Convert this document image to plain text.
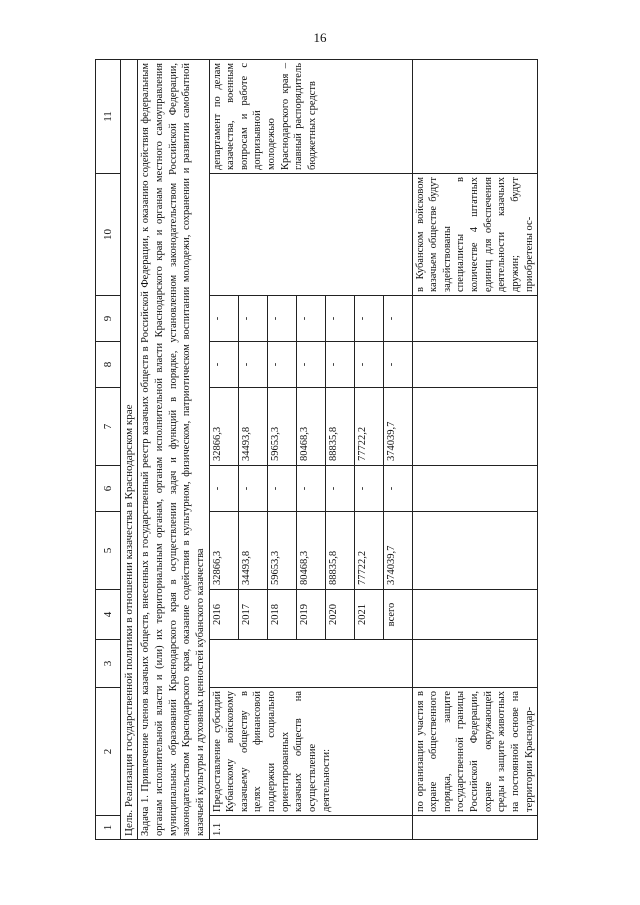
16
1	2	3	4	5	6	7	8	9	10	11
Цель. Реализация государственной политики в отношении казачества в Краснодарском крае										
Задача 1. Привлечение членов казачьих обществ, внесенных в государственный реестр казачьих обществ в Российской Федерации, к оказанию содействия федеральным органам исполнительной власти и (или) их территориальным органам, органам исполнительной власти Краснодарского края и органам местного самоуправления муниципальных образований Краснодарского края в осуществлении задач и функций в порядке, установленном законодательством Российской Федерации, законодательством Краснодарского края, оказание содействия в культурном, физическом, патриотическом воспитании молодежи, сохранении и развитии самобытной казачьей культуры и духовных ценностей кубанского казачества										
1.1	Предоставление субсидий Кубанскому войсковому казачьему обществу в целях финансовой поддержки социально ориентированных казачьих обществ на осуществление деятельности:		2016	32866,3	-	32866,3	-	-		департамент по делам казачества, военным вопросам и работе с допризывной молодежью Краснодарского края – главный распорядитель бюджетных средств
			2017	34493,8	-	34493,8	-	-		
			2018	59653,3	-	59653,3	-	-		
			2019	80468,3	-	80468,3	-	-		
			2020	88835,8	-	88835,8	-	-		
			2021	77722,2	-	77722,2	-	-		
			всего	374039,7	-	374039,7	-	-		
	по организации участия в охране общественного порядка, защите государственной границы Российской Федерации, охране окружающей среды и защите животных на постоянной основе на территории Краснодар-								в Кубанском войсковом казачьем обществе будут задействованы специалисты в количестве 4 штатных единиц для обеспечения деятельности казачьих дружин; будут приобретены ос-	
